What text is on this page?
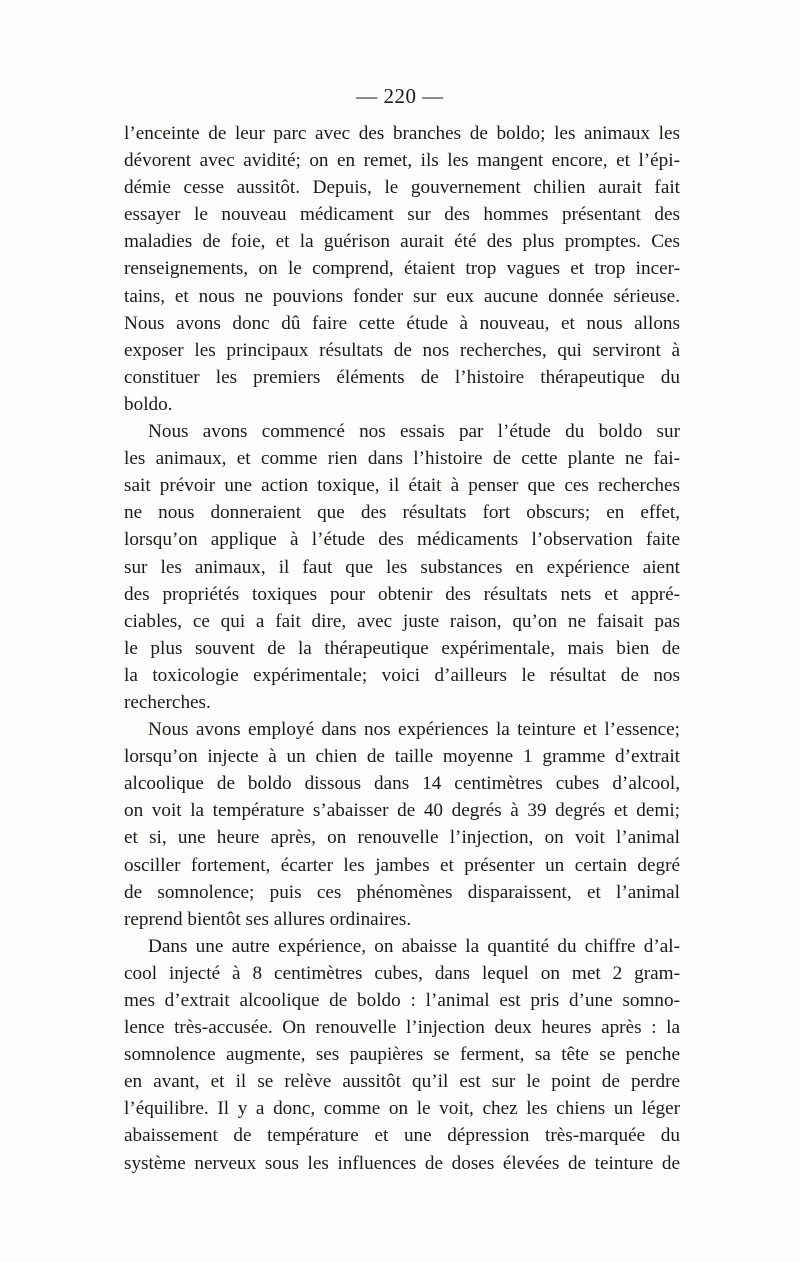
— 220 —
l’enceinte de leur parc avec des branches de boldo; les animaux les
dévorent avec avidité; on en remet, ils les mangent encore, et l’épi-
démie cesse aussitôt. Depuis, le gouvernement chilien aurait fait
essayer le nouveau médicament sur des hommes présentant des
maladies de foie, et la guérison aurait été des plus promptes. Ces
renseignements, on le comprend, étaient trop vagues et trop incer-
tains, et nous ne pouvions fonder sur eux aucune donnée sérieuse.
Nous avons donc dû faire cette étude à nouveau, et nous allons
exposer les principaux résultats de nos recherches, qui serviront à
constituer les premiers éléments de l’histoire thérapeutique du
boldo.
Nous avons commencé nos essais par l’étude du boldo sur
les animaux, et comme rien dans l’histoire de cette plante ne fai-
sait prévoir une action toxique, il était à penser que ces recherches
ne nous donneraient que des résultats fort obscurs; en effet,
lorsqu’on applique à l’étude des médicaments l’observation faite
sur les animaux, il faut que les substances en expérience aient
des propriétés toxiques pour obtenir des résultats nets et appré-
ciables, ce qui a fait dire, avec juste raison, qu’on ne faisait pas
le plus souvent de la thérapeutique expérimentale, mais bien de
la toxicologie expérimentale; voici d’ailleurs le résultat de nos
recherches.
Nous avons employé dans nos expériences la teinture et l’essence;
lorsqu’on injecte à un chien de taille moyenne 1 gramme d’extrait
alcoolique de boldo dissous dans 14 centimètres cubes d’alcool,
on voit la température s’abaisser de 40 degrés à 39 degrés et demi;
et si, une heure après, on renouvelle l’injection, on voit l’animal
osciller fortement, écarter les jambes et présenter un certain degré
de somnolence; puis ces phénomènes disparaissent, et l’animal
reprend bientôt ses allures ordinaires.
Dans une autre expérience, on abaisse la quantité du chiffre d’al-
cool injecté à 8 centimètres cubes, dans lequel on met 2 gram-
mes d’extrait alcoolique de boldo : l’animal est pris d’une somno-
lence très-accusée. On renouvelle l’injection deux heures après : la
somnolence augmente, ses paupières se ferment, sa tête se penche
en avant, et il se relève aussitôt qu’il est sur le point de perdre
l’équilibre. Il y a donc, comme on le voit, chez les chiens un léger
abaissement de température et une dépression très-marquée du
système nerveux sous les influences de doses élevées de teinture de
